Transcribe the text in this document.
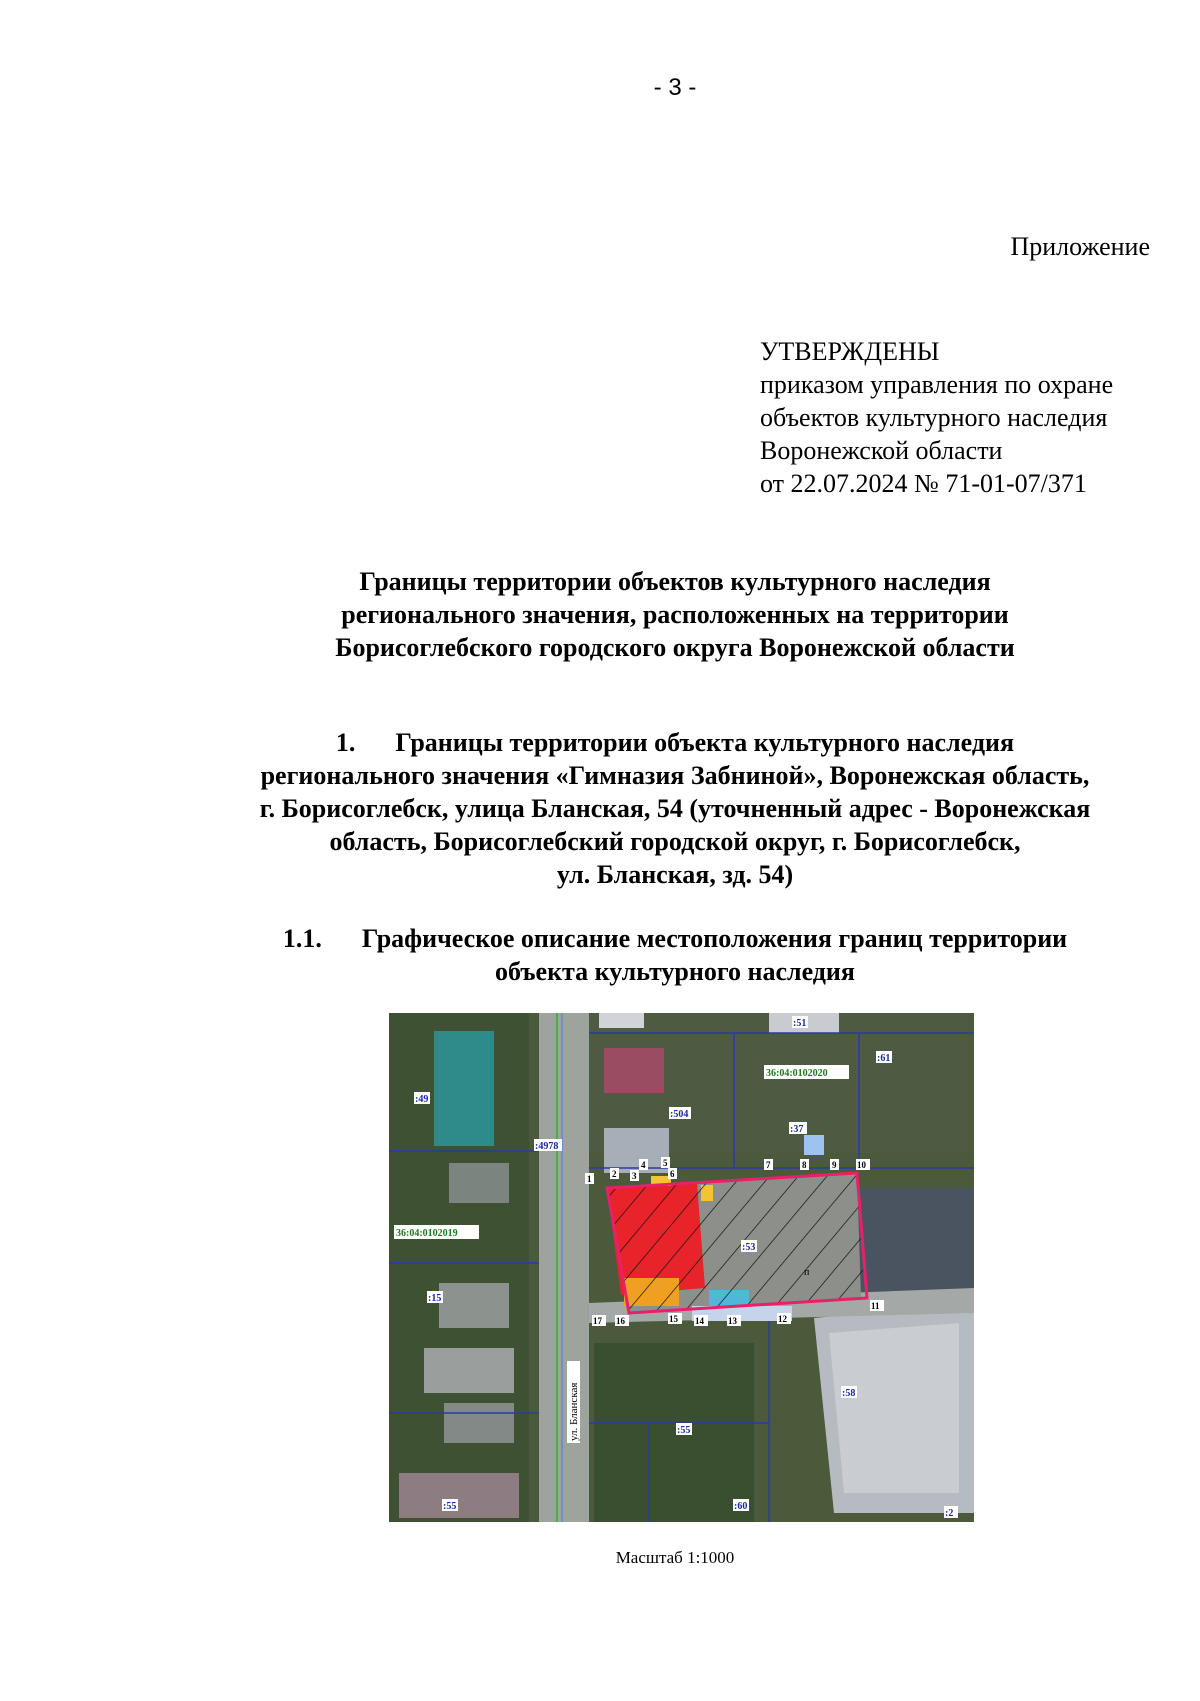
- 3 -
Приложение
УТВЕРЖДЕНЫ
приказом управления по охране
объектов культурного наследия
Воронежской области
от 22.07.2024 № 71-01-07/371
Границы территории объектов культурного наследия
регионального значения, расположенных на территории
Борисоглебского городского округа Воронежской области
1. Границы территории объекта культурного наследия
регионального значения «Гимназия Забниной», Воронежская область,
г. Борисоглебск, улица Бланская, 54 (уточненный адрес - Воронежская
область, Борисоглебский городской округ, г. Борисоглебск,
ул. Бланская, зд. 54)
1.1. Графическое описание местоположения границ территории
объекта культурного наследия
36:04:0102020
36:04:0102019
:51
:61
:49
:504
:37
:4978
:53
:15
:58
:55
:55	:60
:2
1 2 3
4 5
6
7	8	9 10
11
12
13
14
15
16
17
п
ул. Бланская
Масштаб 1:1000
